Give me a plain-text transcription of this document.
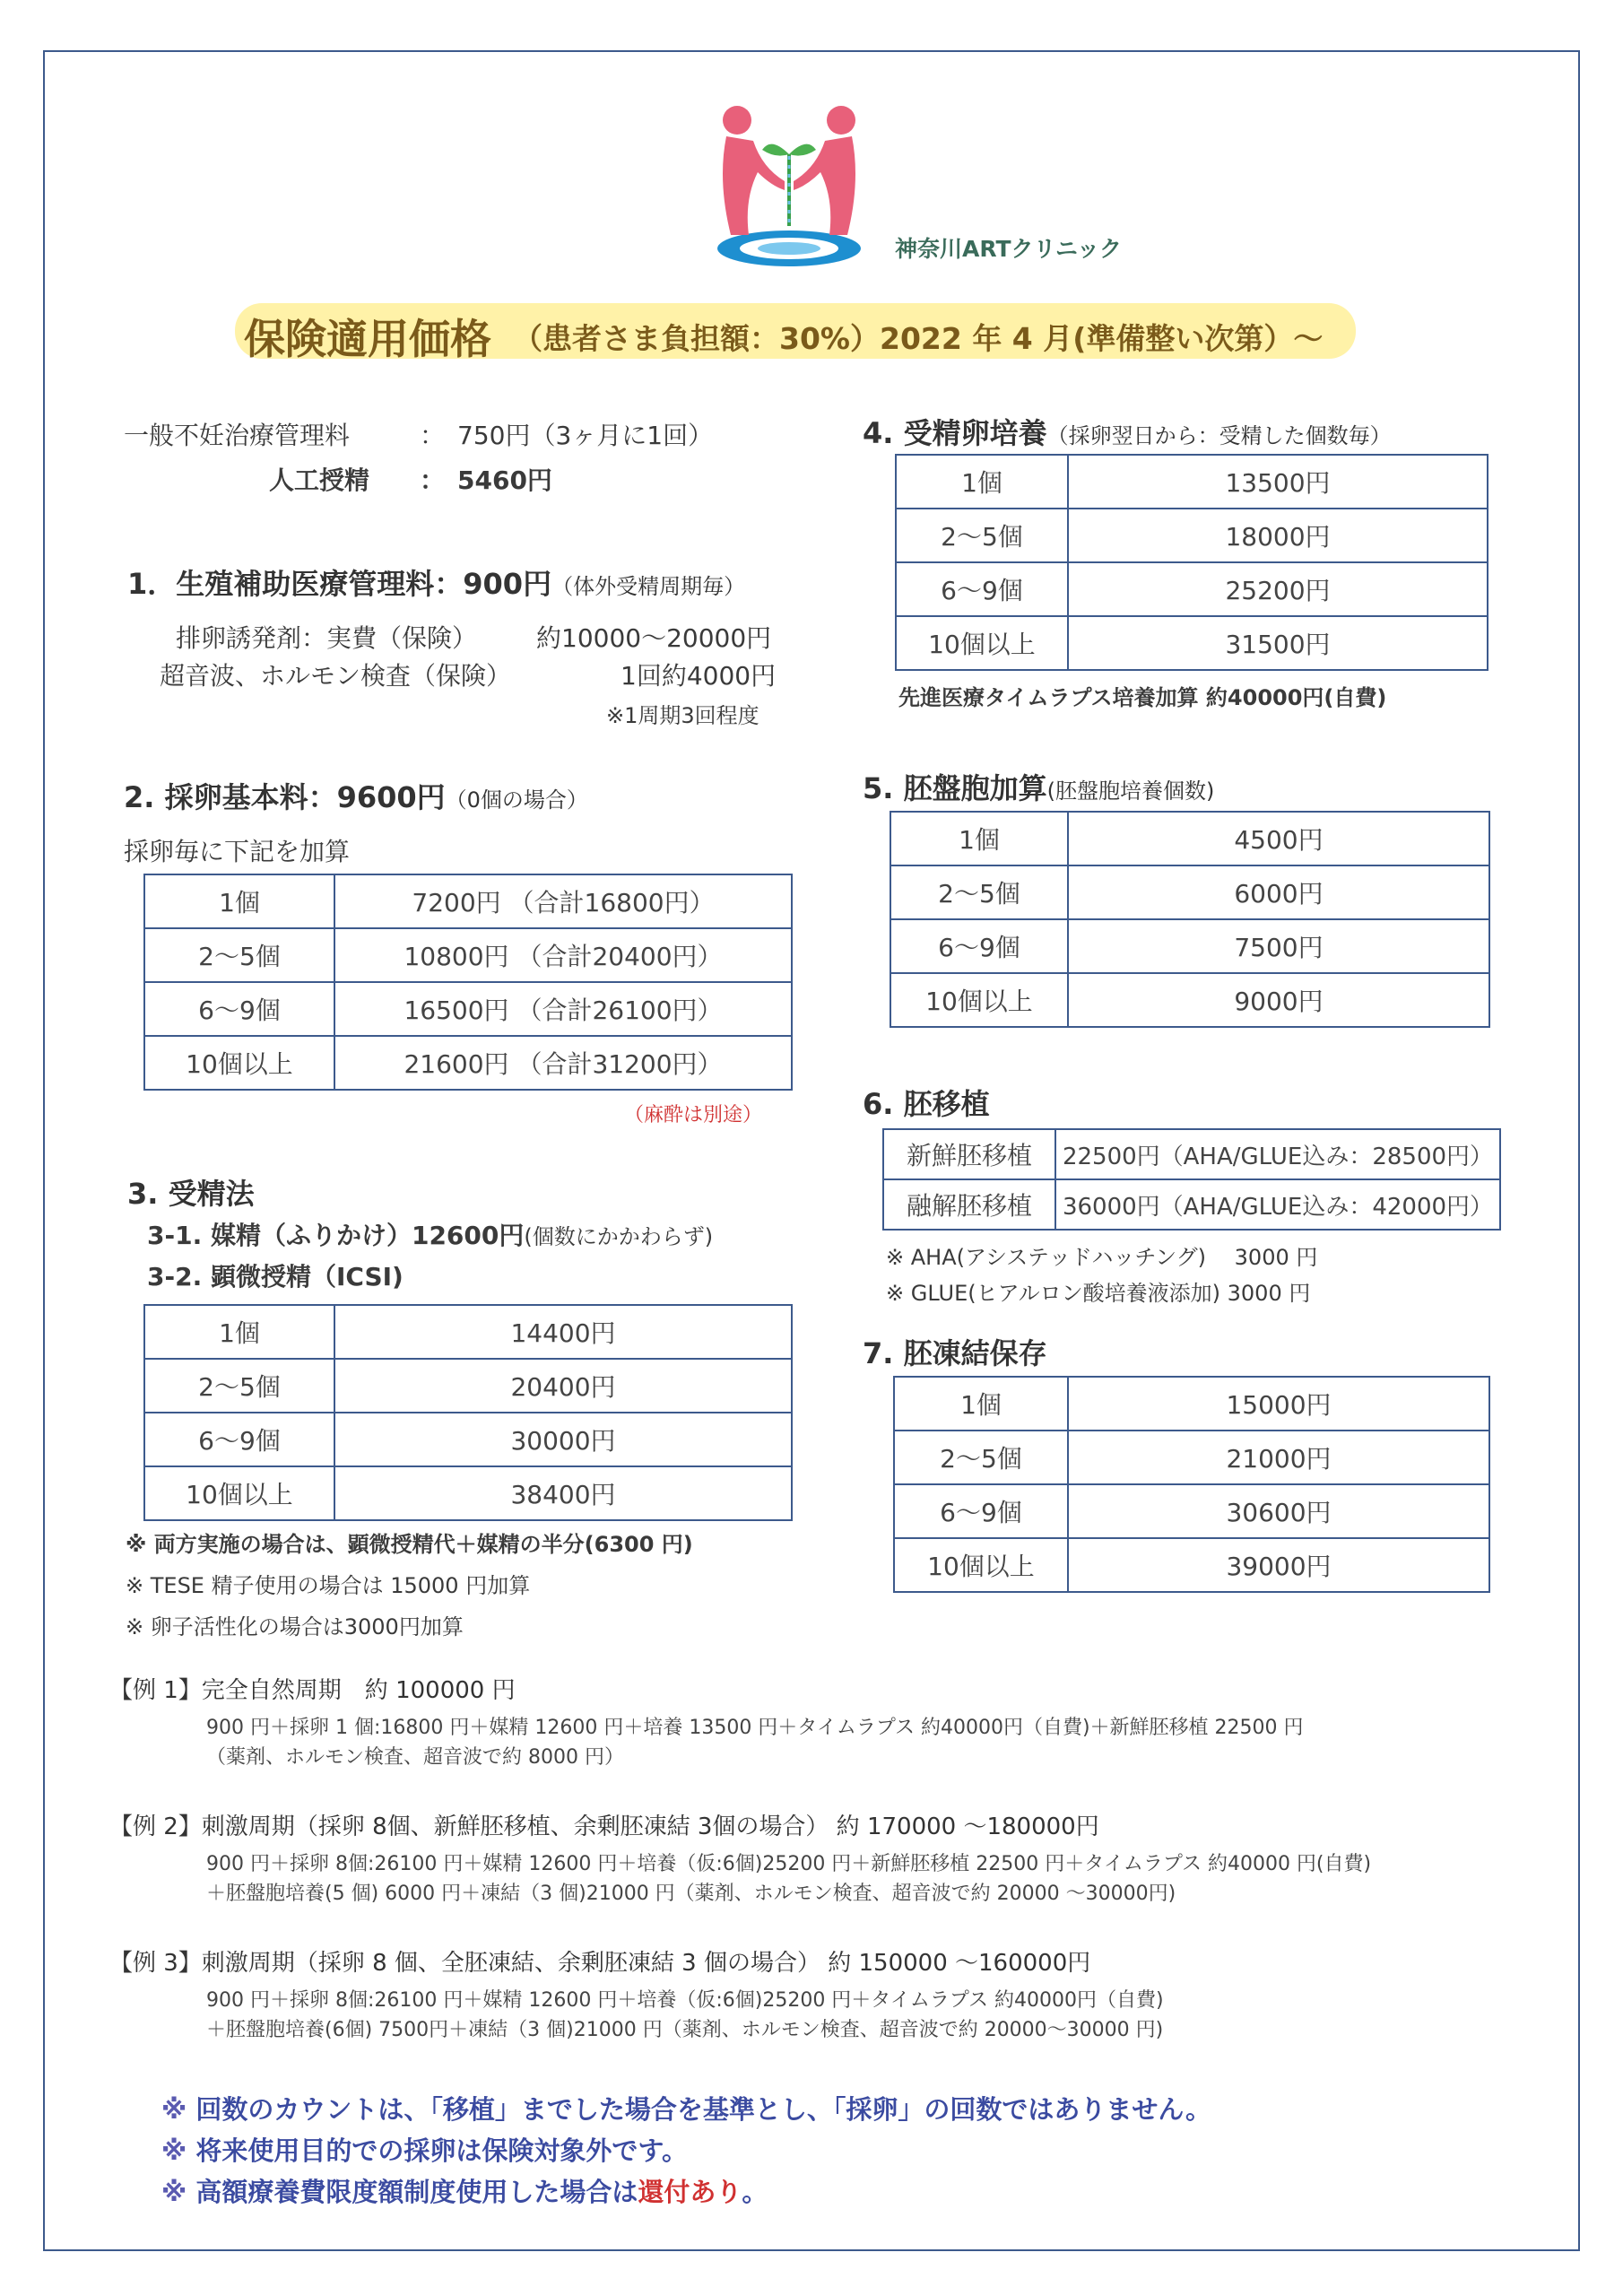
神奈川ARTクリニック
保険適用価格 （患者さま負担額：30%）2022 年 4 月(準備整い次第）～
一般不妊治療管理料	：　750円（3ヶ月に1回）
人工授精 ：　5460円
1．生殖補助医療管理料：900円（体外受精周期毎）
排卵誘発剤：実費（保険） 約10000～20000円
超音波、ホルモン検査（保険）	1回約4000円
※1周期3回程度
2. 採卵基本料：9600円（0個の場合）
採卵毎に下記を加算
1個	7200円 （合計16800円）
2～5個	10800円 （合計20400円）
6～9個	16500円 （合計26100円）
10個以上	21600円 （合計31200円）
（麻酔は別途）
3. 受精法
3-1. 媒精（ふりかけ）12600円(個数にかかわらず)
3-2. 顕微授精（ICSI)
1個	14400円
2～5個	20400円
6～9個	30000円
10個以上	38400円
※ 両方実施の場合は、顕微授精代＋媒精の半分(6300 円)
※ TESE 精子使用の場合は 15000 円加算
※ 卵子活性化の場合は3000円加算
4. 受精卵培養（採卵翌日から：受精した個数毎）
1個	13500円
2～5個	18000円
6～9個	25200円
10個以上	31500円
先進医療タイムラプス培養加算 約40000円(自費)
5. 胚盤胞加算(胚盤胞培養個数)
1個	4500円
2～5個	6000円
6～9個	7500円
10個以上	9000円
6. 胚移植
新鮮胚移植	22500円（AHA/GLUE込み：28500円）
融解胚移植	36000円（AHA/GLUE込み：42000円）
※ AHA(アシステッドハッチング)　 3000 円
※ GLUE(ヒアルロン酸培養液添加) 3000 円
7. 胚凍結保存
1個	15000円
2～5個	21000円
6～9個	30600円
10個以上	39000円
【例 1】完全自然周期　約 100000 円
900 円＋採卵 1 個:16800 円＋媒精 12600 円＋培養 13500 円＋タイムラプス 約40000円（自費)＋新鮮胚移植 22500 円
（薬剤、ホルモン検査、超音波で約 8000 円）
【例 2】刺激周期（採卵 8個、新鮮胚移植、余剰胚凍結 3個の場合） 約 170000 ～180000円
900 円＋採卵 8個:26100 円＋媒精 12600 円＋培養（仮:6個)25200 円＋新鮮胚移植 22500 円＋タイムラプス 約40000 円(自費)
＋胚盤胞培養(5 個) 6000 円＋凍結（3 個)21000 円（薬剤、ホルモン検査、超音波で約 20000 ～30000円)
【例 3】刺激周期（採卵 8 個、全胚凍結、余剰胚凍結 3 個の場合） 約 150000 ～160000円
900 円＋採卵 8個:26100 円＋媒精 12600 円＋培養（仮:6個)25200 円＋タイムラプス 約40000円（自費)
＋胚盤胞培養(6個) 7500円＋凍結（3 個)21000 円（薬剤、ホルモン検査、超音波で約 20000～30000 円)
※ 回数のカウントは、「移植」までした場合を基準とし、「採卵」の回数ではありません。
※ 将来使用目的での採卵は保険対象外です。
※ 高額療養費限度額制度使用した場合は還付あり。
